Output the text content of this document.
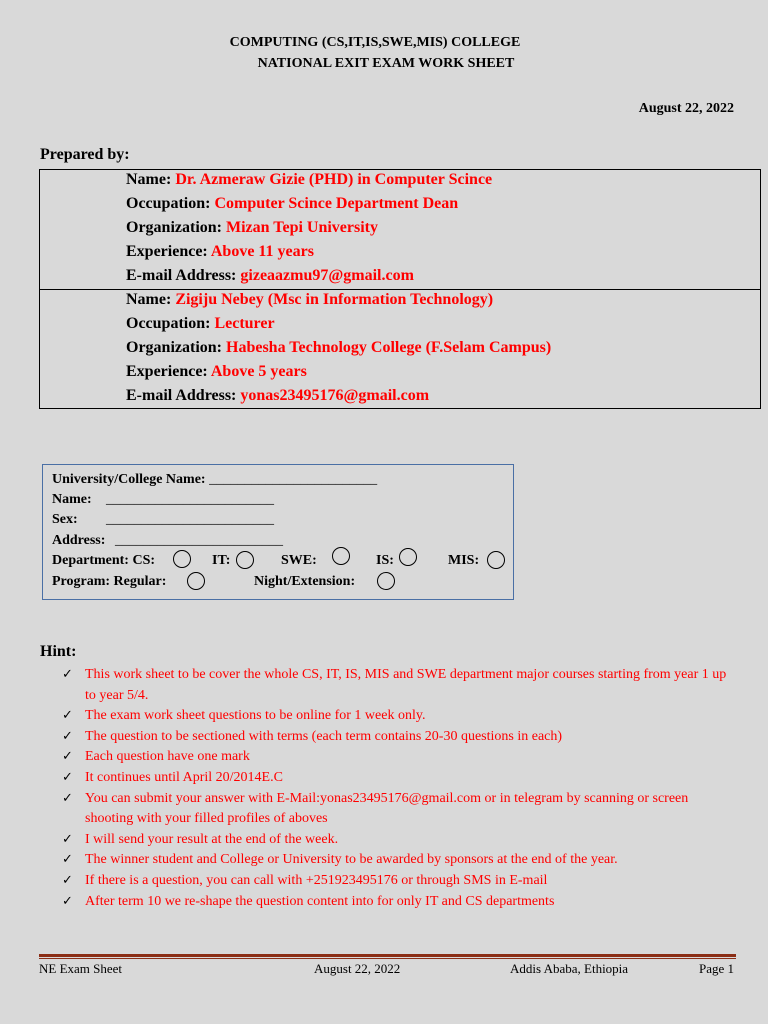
COMPUTING (CS,IT,IS,SWE,MIS) COLLEGE
NATIONAL EXIT EXAM WORK SHEET
August 22, 2022
Prepared by:
Name: Dr. Azmeraw Gizie (PHD) in Computer Scince
Occupation: Computer Scince Department Dean
Organization: Mizan Tepi University
Experience: Above 11 years
E-mail Address: gizeaazmu97@gmail.com
Name: Zigiju Nebey (Msc in Information Technology)
Occupation: Lecturer
Organization: Habesha Technology College (F.Selam Campus)
Experience: Above 5 years
E-mail Address: yonas23495176@gmail.com
University/College Name: ________________________
Name: ________________________
Sex: ________________________
Address: ________________________
Department: CS:	IT:	SWE:	IS:	MIS:
Program: Regular:	Night/Extension:
Hint:
✓ This work sheet to be cover the whole CS, IT, IS, MIS and SWE department major courses starting from year 1 up to year 5/4.
✓ The exam work sheet questions to be online for 1 week only.
✓ The question to be sectioned with terms (each term contains 20-30 questions in each)
✓ Each question have one mark
✓ It continues until April 20/2014E.C
✓ You can submit your answer with E-Mail:yonas23495176@gmail.com or in telegram by scanning or screen shooting with your filled profiles of aboves
✓ I will send your result at the end of the week.
✓ The winner student and College or University to be awarded by sponsors at the end of the year.
✓ If there is a question, you can call with +251923495176 or through SMS in E-mail
✓ After term 10 we re-shape the question content into for only IT and CS departments
NE Exam Sheet	August 22, 2022	Addis Ababa, Ethiopia	Page 1
